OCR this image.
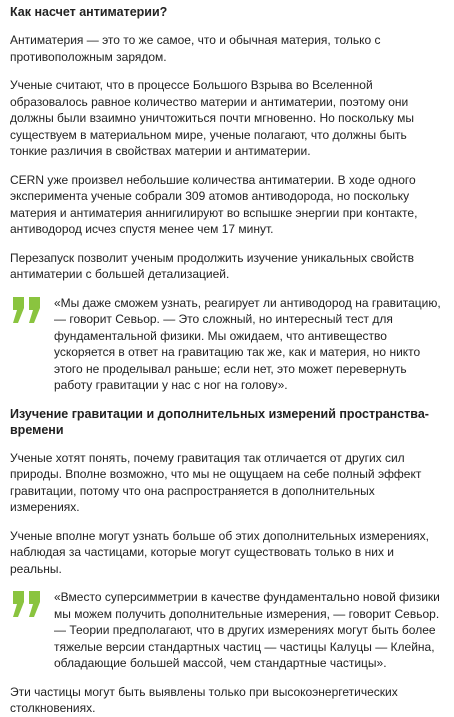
Как насчет антиматерии?

Антиматерия — это то же самое, что и обычная материя, только с противоположным зарядом.

Ученые считают, что в процессе Большого Взрыва во Вселенной образовалось равное количество материи и антиматерии, поэтому они должны были взаимно уничтожиться почти мгновенно. Но поскольку мы существуем в материальном мире, ученые полагают, что должны быть тонкие различия в свойствах материи и антиматерии.

CERN уже произвел небольшие количества антиматерии. В ходе одного эксперимента ученые собрали 309 атомов антиводорода, но поскольку материя и антиматерия аннигилируют во вспышке энергии при контакте, антиводород исчез спустя менее чем 17 минут.

Перезапуск позволит ученым продолжить изучение уникальных свойств антиматерии с большей детализацией.

«Мы даже сможем узнать, реагирует ли антиводород на гравитацию, — говорит Севьор. — Это сложный, но интересный тест для фундаментальной физики. Мы ожидаем, что антивещество ускоряется в ответ на гравитацию так же, как и материя, но никто этого не проделывал раньше; если нет, это может перевернуть работу гравитации у нас с ног на голову».

Изучение гравитации и дополнительных измерений пространства-времени

Ученые хотят понять, почему гравитация так отличается от других сил природы. Вполне возможно, что мы не ощущаем на себе полный эффект гравитации, потому что она распространяется в дополнительных измерениях.

Ученые вполне могут узнать больше об этих дополнительных измерениях, наблюдая за частицами, которые могут существовать только в них и реальны.

«Вместо суперсимметрии в качестве фундаментально новой физики мы можем получить дополнительные измерения, — говорит Севьор. — Теории предполагают, что в других измерениях могут быть более тяжелые версии стандартных частиц — частицы Калуцы — Клейна, обладающие большей массой, чем стандартные частицы».

Эти частицы могут быть выявлены только при высокоэнергетических столкновениях.
